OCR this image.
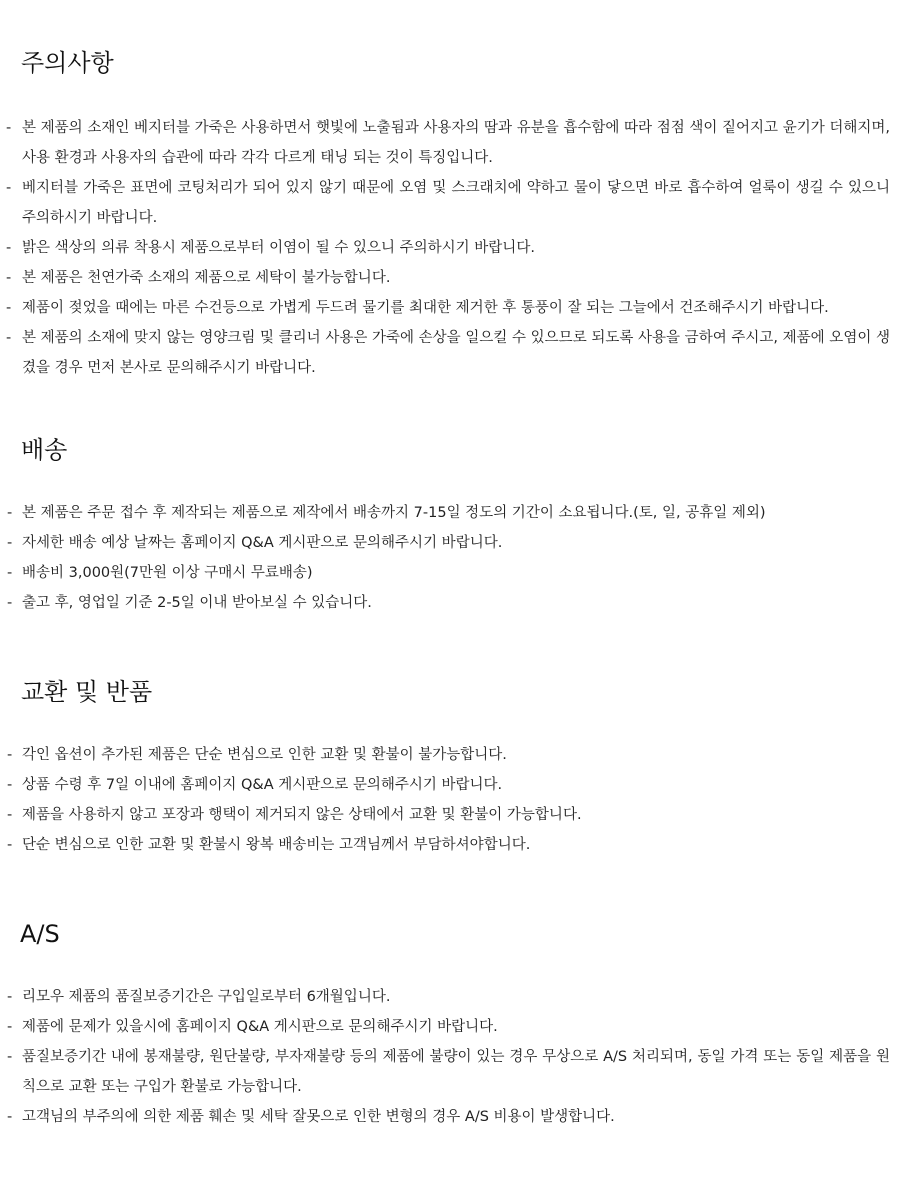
주의사항
- 본 제품의 소재인 베지터블 가죽은 사용하면서 햇빛에 노출됨과 사용자의 땀과 유분을 흡수함에 따라 점점 색이 짙어지고 윤기가 더해지며, 사용 환경과 사용자의 습관에 따라 각각 다르게 태닝 되는 것이 특징입니다.
- 베지터블 가죽은 표면에 코팅처리가 되어 있지 않기 때문에 오염 및 스크래치에 약하고 물이 닿으면 바로 흡수하여 얼룩이 생길 수 있으니 주의하시기 바랍니다.
- 밝은 색상의 의류 착용시 제품으로부터 이염이 될 수 있으니 주의하시기 바랍니다.
- 본 제품은 천연가죽 소재의 제품으로 세탁이 불가능합니다.
- 제품이 젖었을 때에는 마른 수건등으로 가볍게 두드려 물기를 최대한 제거한 후 통풍이 잘 되는 그늘에서 건조해주시기 바랍니다.
- 본 제품의 소재에 맞지 않는 영양크림 및 클리너 사용은 가죽에 손상을 일으킬 수 있으므로 되도록 사용을 금하여 주시고, 제품에 오염이 생겼을 경우 먼저 본사로 문의해주시기 바랍니다.
배송
- 본 제품은 주문 접수 후 제작되는 제품으로 제작에서 배송까지 7-15일 정도의 기간이 소요됩니다.(토, 일, 공휴일 제외)
- 자세한 배송 예상 날짜는 홈페이지 Q&A 게시판으로 문의해주시기 바랍니다.
- 배송비 3,000원(7만원 이상 구매시 무료배송)
- 출고 후, 영업일 기준 2-5일 이내 받아보실 수 있습니다.
교환 및 반품
- 각인 옵션이 추가된 제품은 단순 변심으로 인한 교환 및 환불이 불가능합니다.
- 상품 수령 후 7일 이내에 홈페이지 Q&A 게시판으로 문의해주시기 바랍니다.
- 제품을 사용하지 않고 포장과 행택이 제거되지 않은 상태에서 교환 및 환불이 가능합니다.
- 단순 변심으로 인한 교환 및 환불시 왕복 배송비는 고객님께서 부담하셔야합니다.
A/S
- 리모우 제품의 품질보증기간은 구입일로부터 6개월입니다.
- 제품에 문제가 있을시에 홈페이지 Q&A 게시판으로 문의해주시기 바랍니다.
- 품질보증기간 내에 봉재불량, 원단불량, 부자재불량 등의 제품에 불량이 있는 경우 무상으로 A/S 처리되며, 동일 가격 또는 동일 제품을 원칙으로 교환 또는 구입가 환불로 가능합니다.
- 고객님의 부주의에 의한 제품 훼손 및 세탁 잘못으로 인한 변형의 경우 A/S 비용이 발생합니다.
